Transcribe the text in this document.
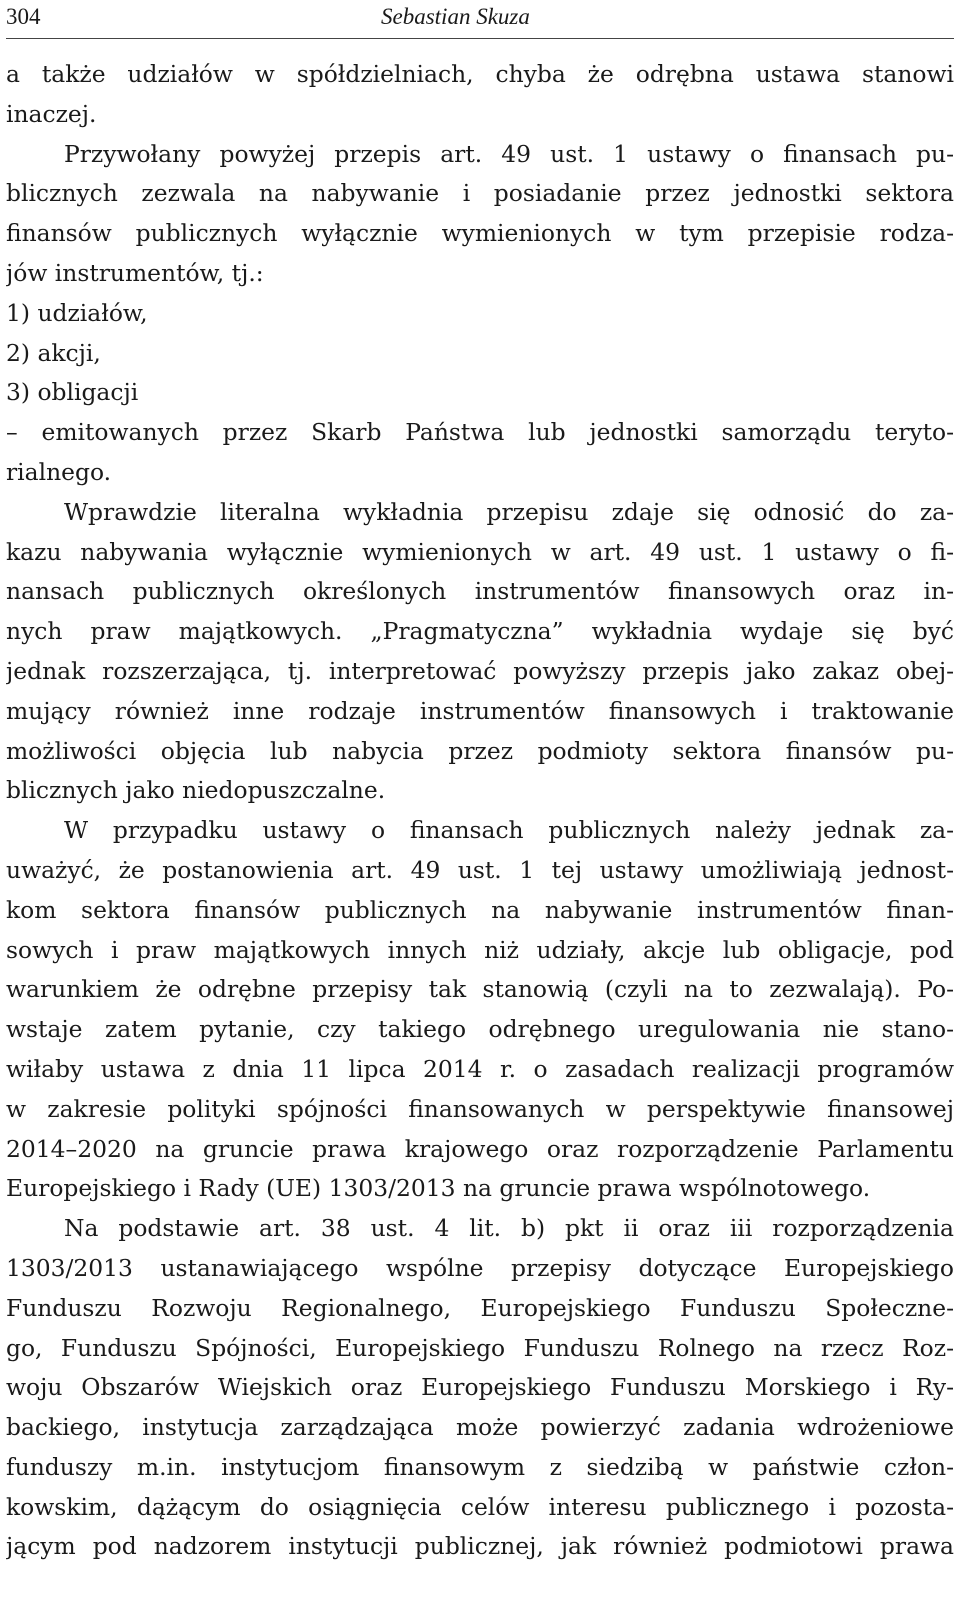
304	Sebastian Skuza
a także udziałów w spółdzielniach, chyba że odrębna ustawa stanowi
inaczej.
Przywołany powyżej przepis art. 49 ust. 1 ustawy o finansach pu-
blicznych zezwala na nabywanie i posiadanie przez jednostki sektora
finansów publicznych wyłącznie wymienionych w tym przepisie rodza-
jów instrumentów, tj.:
1) udziałów,
2) akcji,
3) obligacji
– emitowanych przez Skarb Państwa lub jednostki samorządu teryto-
rialnego.
Wprawdzie literalna wykładnia przepisu zdaje się odnosić do za-
kazu nabywania wyłącznie wymienionych w art. 49 ust. 1 ustawy o fi-
nansach publicznych określonych instrumentów finansowych oraz in-
nych praw majątkowych. „Pragmatyczna” wykładnia wydaje się być
jednak rozszerzająca, tj. interpretować powyższy przepis jako zakaz obej-
mujący również inne rodzaje instrumentów finansowych i traktowanie
możliwości objęcia lub nabycia przez podmioty sektora finansów pu-
blicznych jako niedopuszczalne.
W przypadku ustawy o finansach publicznych należy jednak za-
uważyć, że postanowienia art. 49 ust. 1 tej ustawy umożliwiają jednost-
kom sektora finansów publicznych na nabywanie instrumentów finan-
sowych i praw majątkowych innych niż udziały, akcje lub obligacje, pod
warunkiem że odrębne przepisy tak stanowią (czyli na to zezwalają). Po-
wstaje zatem pytanie, czy takiego odrębnego uregulowania nie stano-
wiłaby ustawa z dnia 11 lipca 2014 r. o zasadach realizacji programów
w zakresie polityki spójności finansowanych w perspektywie finansowej
2014–2020 na gruncie prawa krajowego oraz rozporządzenie Parlamentu
Europejskiego i Rady (UE) 1303/2013 na gruncie prawa wspólnotowego.
Na podstawie art. 38 ust. 4 lit. b) pkt ii oraz iii rozporządzenia
1303/2013 ustanawiającego wspólne przepisy dotyczące Europejskiego
Funduszu Rozwoju Regionalnego, Europejskiego Funduszu Społeczne-
go, Funduszu Spójności, Europejskiego Funduszu Rolnego na rzecz Roz-
woju Obszarów Wiejskich oraz Europejskiego Funduszu Morskiego i Ry-
backiego, instytucja zarządzająca może powierzyć zadania wdrożeniowe
funduszy m.in. instytucjom finansowym z siedzibą w państwie człon-
kowskim, dążącym do osiągnięcia celów interesu publicznego i pozosta-
jącym pod nadzorem instytucji publicznej, jak również podmiotowi prawa
